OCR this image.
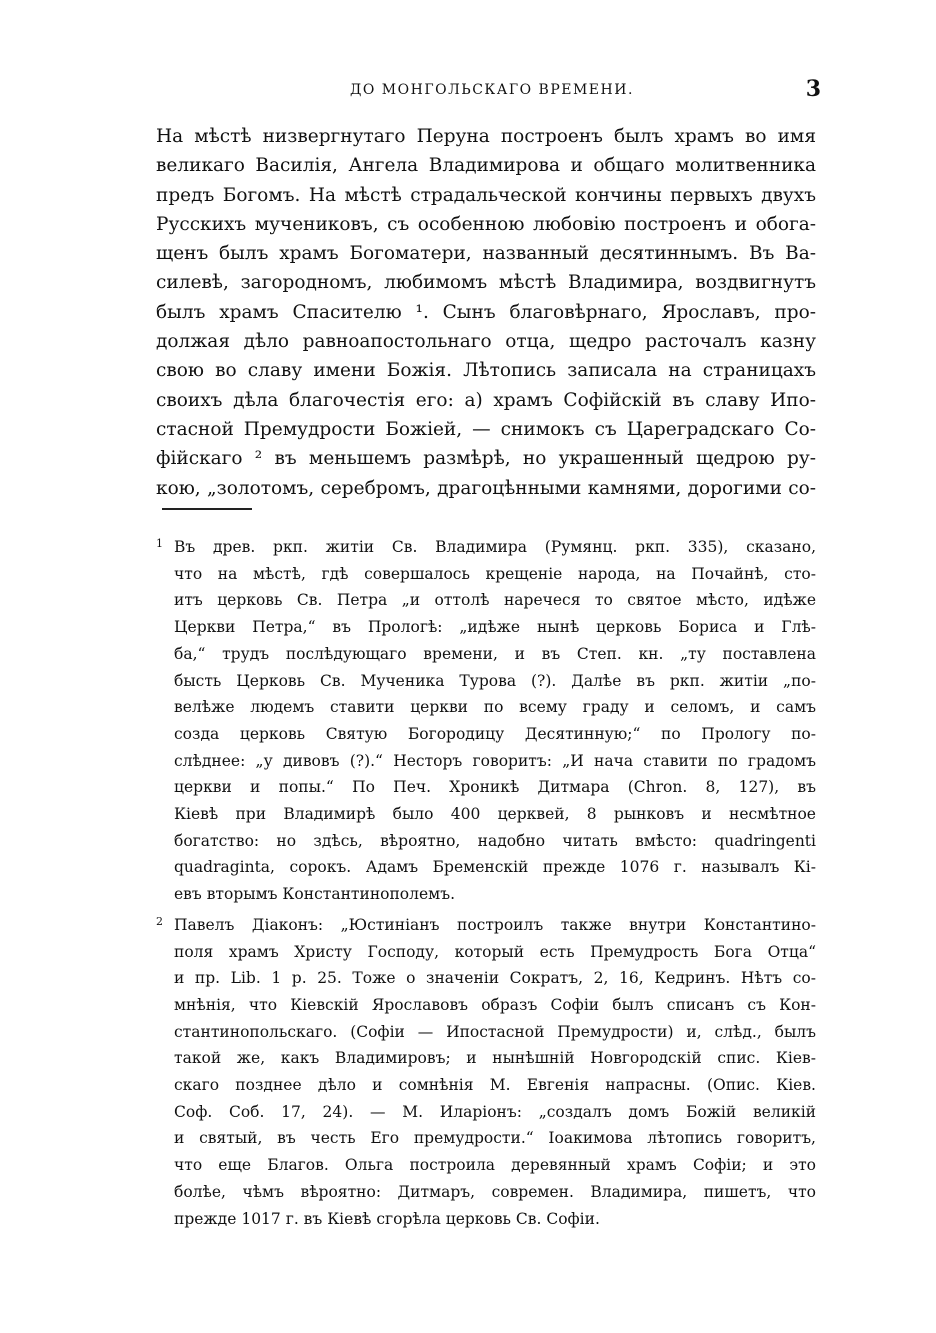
ДО МОНГОЛЬСКАГО ВРЕМЕНИ.	3
На мѣстѣ низвергнутаго Перуна построенъ былъ храмъ во имя
великаго Василія, Ангела Владимирова и общаго молитвенника
предъ Богомъ. На мѣстѣ страдальческой кончины первыхъ двухъ
Русскихъ мучениковъ, съ особенною любовію построенъ и обога-
щенъ былъ храмъ Богоматери, названный десятиннымъ. Въ Ва-
силевѣ, загородномъ, любимомъ мѣстѣ Владимира, воздвигнутъ
былъ храмъ Спасителю ¹. Сынъ благовѣрнаго, Ярославъ, про-
должая дѣло равноапостольнаго отца, щедро расточалъ казну
свою во славу имени Божія. Лѣтопись записала на страницахъ
своихъ дѣла благочестія его: а) храмъ Софійскій въ славу Ипо-
стасной Премудрости Божіей, — снимокъ съ Цареградскаго Со-
фійскаго ² въ меньшемъ размѣрѣ, но украшенный щедрою ру-
кою, „золотомъ, серебромъ, драгоцѣнными камнями, дорогими со-
1 Въ древ. ркп. житіи Св. Владимира (Румянц. ркп. 335), сказано,
что на мѣстѣ, гдѣ совершалось крещеніе народа, на Почайнѣ, сто-
итъ церковь Св. Петра „и оттолѣ наречеся то святое мѣсто, идѣже
Церкви Петра,“ въ Прологѣ: „идѣже нынѣ церковь Бориса и Глѣ-
ба,“ трудъ послѣдующаго времени, и въ Степ. кн. „ту поставлена
бысть Церковь Св. Мученика Турова (?). Далѣе въ ркп. житіи „по-
велѣже людемъ ставити церкви по всему граду и селомъ, и самъ
созда церковь Святую Богородицу Десятинную;“ по Прологу по-
слѣднее: „у дивовъ (?).“ Несторъ говоритъ: „И нача ставити по градомъ
церкви и попы.“ По Печ. Хроникѣ Дитмара (Chron. 8, 127), въ
Кіевѣ при Владимирѣ было 400 церквей, 8 рынковъ и несмѣтное
богатство: но здѣсь, вѣроятно, надобно читать вмѣсто: quadringenti
quadraginta, сорокъ. Адамъ Бременскій прежде 1076 г. называлъ Кі-
евъ вторымъ Константинополемъ.
2 Павелъ Діаконъ: „Юстиніанъ построилъ также внутри Константино-
поля храмъ Христу Господу, который есть Премудрость Бога Отца“
и пр. Lib. 1 p. 25. Тоже о значеніи Сократъ, 2, 16, Кедринъ. Нѣтъ со-
мнѣнія, что Кіевскій Ярославовъ образъ Софіи былъ списанъ съ Кон-
стантинопольскаго. (Софіи — Ипостасной Премудрости) и, слѣд., былъ
такой же, какъ Владимировъ; и нынѣшній Новгородскій спис. Кіев-
скаго позднее дѣло и сомнѣнія М. Евгенія напрасны. (Опис. Кіев.
Соф. Соб. 17, 24). — М. Иларіонъ: „создалъ домъ Божій великій
и святый, въ честь Его премудрости.“ Іоакимова лѣтопись говоритъ,
что еще Благов. Ольга построила деревянный храмъ Софіи; и это
болѣе, чѣмъ вѣроятно: Дитмаръ, современ. Владимира, пишетъ, что
прежде 1017 г. въ Кіевѣ сгорѣла церковь Св. Софіи.
